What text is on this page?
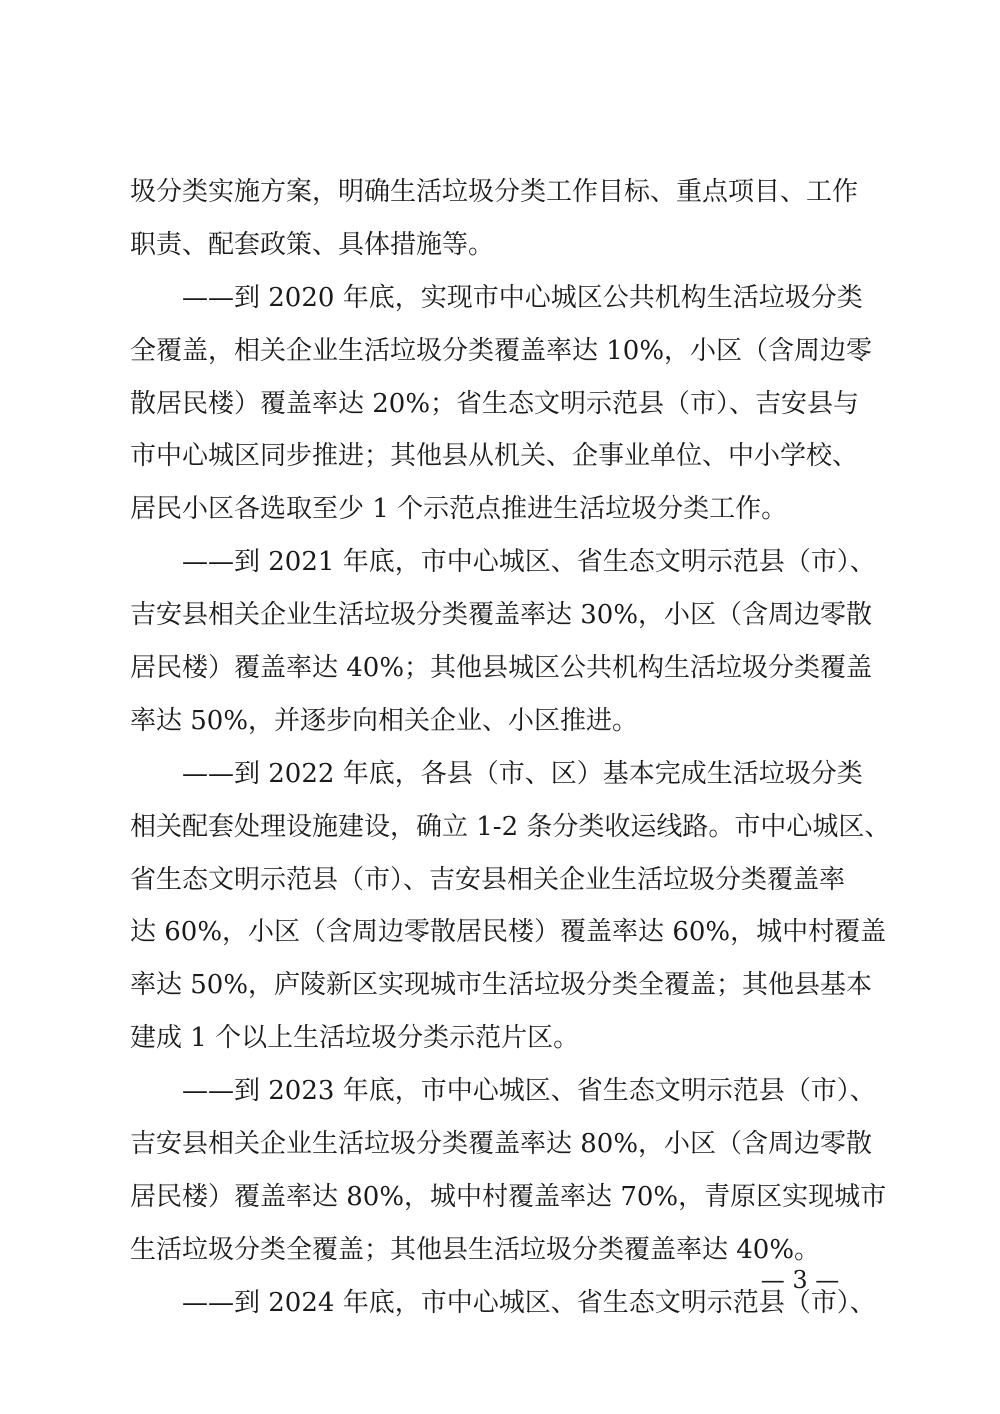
圾分类实施方案，明确生活垃圾分类工作目标、重点项目、工作
职责、配套政策、具体措施等。
　　——到 2020 年底，实现市中心城区公共机构生活垃圾分类
全覆盖，相关企业生活垃圾分类覆盖率达 10%，小区（含周边零
散居民楼）覆盖率达 20%；省生态文明示范县（市）、吉安县与
市中心城区同步推进；其他县从机关、企事业单位、中小学校、
居民小区各选取至少 1 个示范点推进生活垃圾分类工作。
　　——到 2021 年底，市中心城区、省生态文明示范县（市）、
吉安县相关企业生活垃圾分类覆盖率达 30%，小区（含周边零散
居民楼）覆盖率达 40%；其他县城区公共机构生活垃圾分类覆盖
率达 50%，并逐步向相关企业、小区推进。
　　——到 2022 年底，各县（市、区）基本完成生活垃圾分类
相关配套处理设施建设，确立 1-2 条分类收运线路。市中心城区、
省生态文明示范县（市）、吉安县相关企业生活垃圾分类覆盖率
达 60%，小区（含周边零散居民楼）覆盖率达 60%，城中村覆盖
率达 50%，庐陵新区实现城市生活垃圾分类全覆盖；其他县基本
建成 1 个以上生活垃圾分类示范片区。
　　——到 2023 年底，市中心城区、省生态文明示范县（市）、
吉安县相关企业生活垃圾分类覆盖率达 80%，小区（含周边零散
居民楼）覆盖率达 80%，城中村覆盖率达 70%，青原区实现城市
生活垃圾分类全覆盖；其他县生活垃圾分类覆盖率达 40%。
　　——到 2024 年底，市中心城区、省生态文明示范县（市）、
— 3 —
